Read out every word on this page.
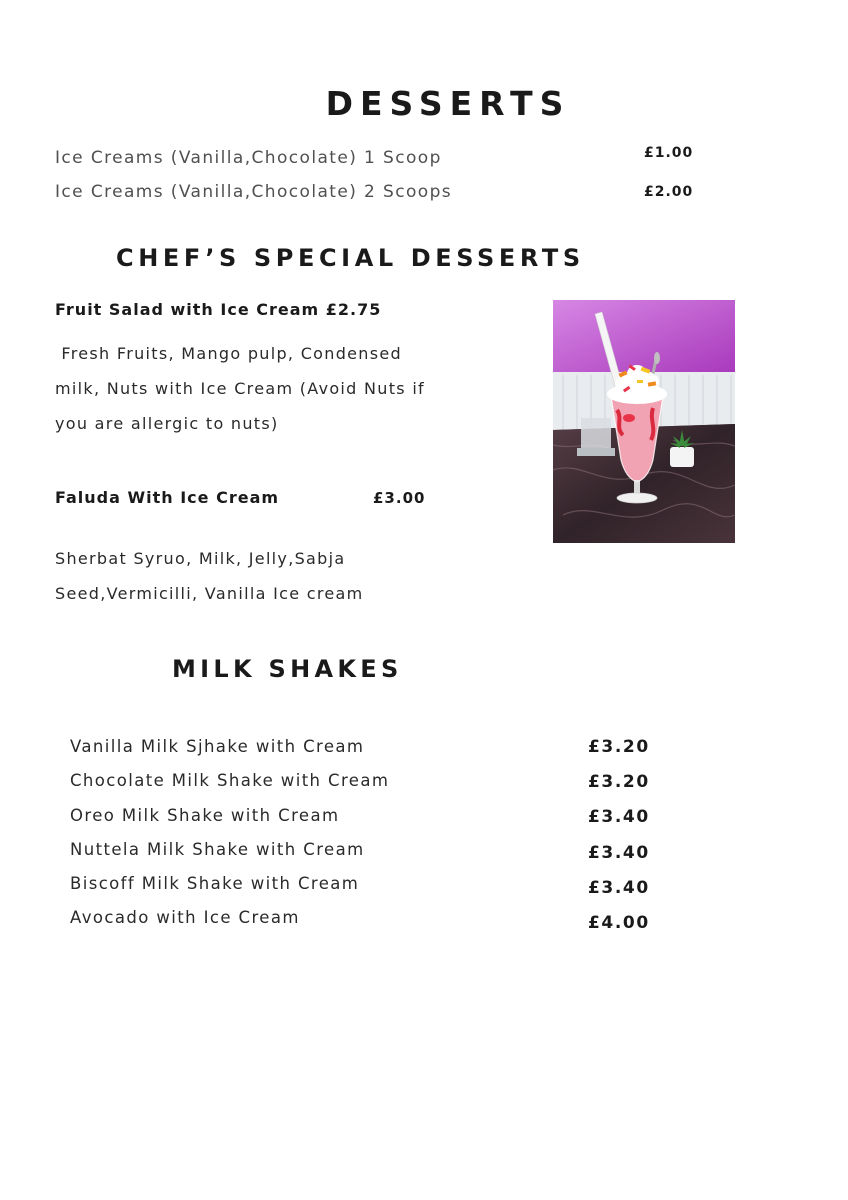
DESSERTS
Ice Creams (Vanilla,Chocolate) 1 Scoop	£1.00
Ice Creams (Vanilla,Chocolate) 2 Scoops	£2.00
CHEF’S SPECIAL DESSERTS
Fruit Salad with Ice Cream £2.75
Fresh Fruits, Mango pulp, Condensed
milk, Nuts with Ice Cream (Avoid Nuts if
you are allergic to nuts)
Faluda With Ice Cream	£3.00
Sherbat Syruo, Milk, Jelly,Sabja
Seed,Vermicilli, Vanilla Ice cream
MILK SHAKES
Vanilla Milk Sjhake with Cream	£3.20
Chocolate Milk Shake with Cream	£3.20
Oreo Milk Shake with Cream	£3.40
Nuttela Milk Shake with Cream	£3.40
Biscoff Milk Shake with Cream	£3.40
Avocado with Ice Cream	£4.00
